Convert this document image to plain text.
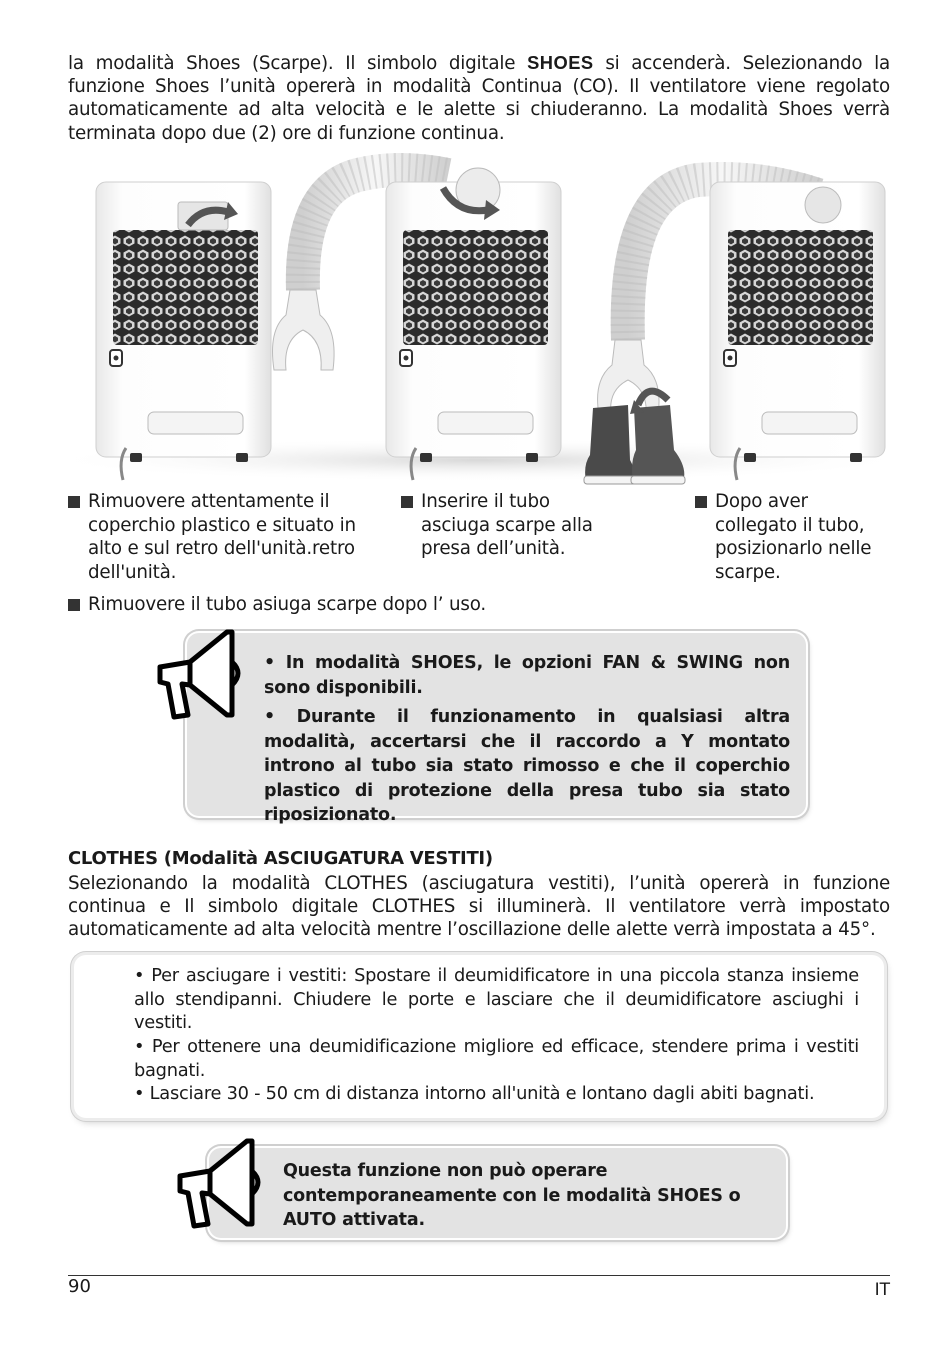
la modalità Shoes (Scarpe). Il simbolo digitale SHOES si accenderà. Selezionando la funzione Shoes l’unità opererà in modalità Continua (CO). Il ventilatore viene regolato automaticamente ad alta velocità e le alette si chiuderanno. La modalità Shoes verrà terminata dopo due (2) ore di funzione continua.
Rimuovere attentamente il coperchio plastico e situato in alto e sul retro dell'unità.retro dell'unità.
Inserire il tubo asciuga scarpe alla presa dell’unità.
Dopo aver collegato il tubo, posizionarlo nelle scarpe.
Rimuovere il tubo asiuga scarpe dopo l’ uso.

• In modalità SHOES, le opzioni FAN & SWING non sono disponibili.

• Durante il funzionamento in qualsiasi altra modalità, accertarsi che il raccordo a Y montato introno al tubo sia stato rimosso e che il coperchio plastico di protezione della presa tubo sia stato riposizionato.

CLOTHES (Modalità ASCIUGATURA VESTITI)
Selezionando la modalità CLOTHES (asciugatura vestiti), l’unità opererà in funzione continua e Il simbolo digitale CLOTHES si illuminerà. Il ventilatore verrà impostato automaticamente ad alta velocità mentre l’oscillazione delle alette verrà impostata a 45°.
• Per asciugare i vestiti: Spostare il deumidificatore in una piccola stanza insieme allo stendipanni. Chiudere le porte e lasciare che il deumidificatore asciughi i vestiti.
• Per ottenere una deumidificazione migliore ed efficace, stendere prima i vestiti bagnati.
• Lasciare 30 - 50 cm di distanza intorno all'unità e lontano dagli abiti bagnati.
Questa funzione non può operare contemporaneamente con le modalità SHOES o AUTO attivata.
90	IT
